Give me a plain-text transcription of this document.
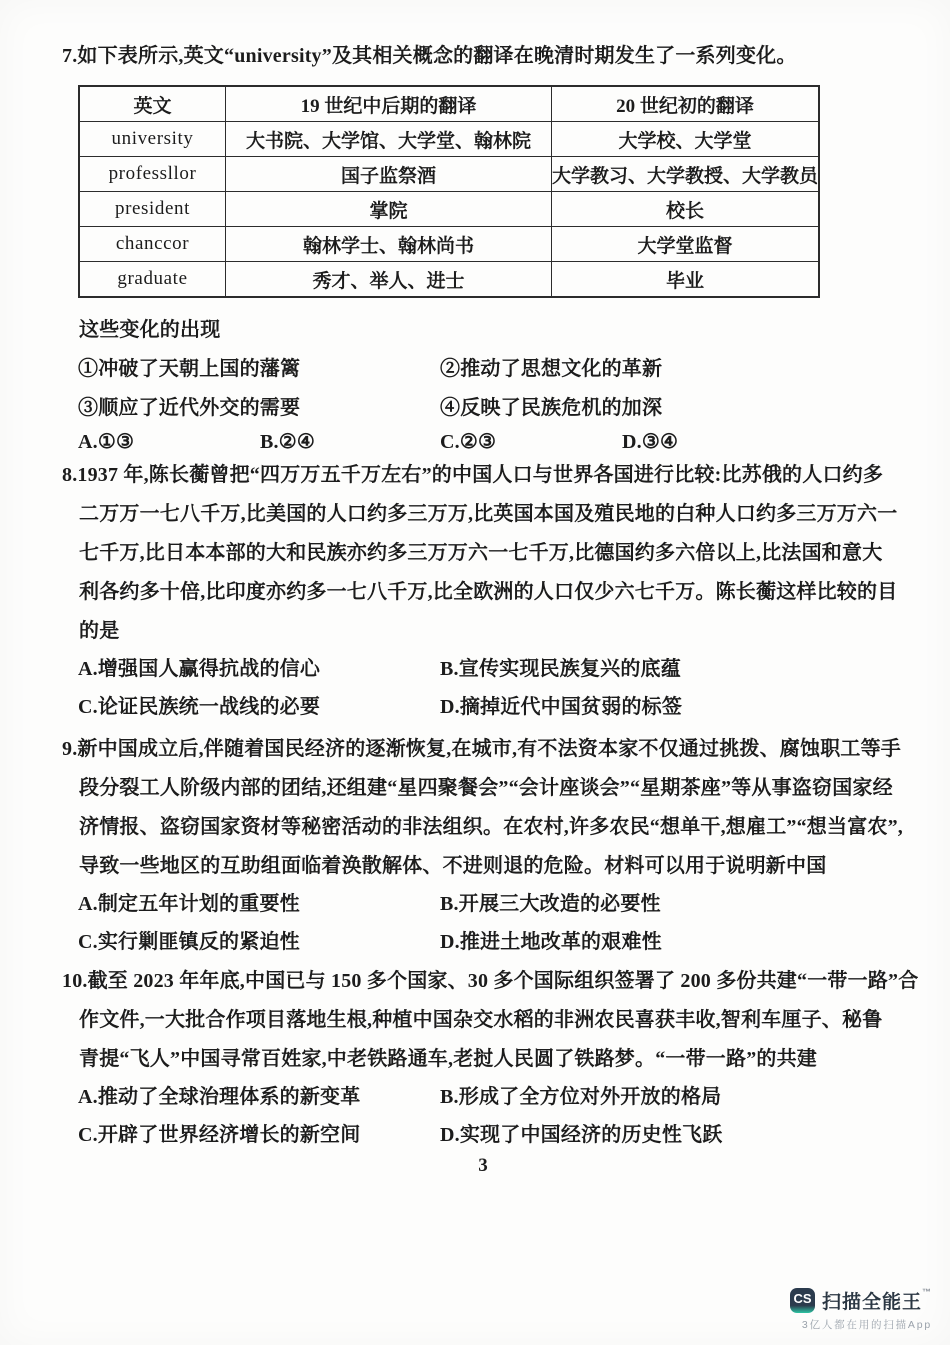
7.如下表所示,英文“university”及其相关概念的翻译在晚清时期发生了一系列变化。

英文	19 世纪中后期的翻译	20 世纪初的翻译
university	大书院、大学馆、大学堂、翰林院	大学校、大学堂
professllor	国子监祭酒	大学教习、大学教授、大学教员
president	掌院	校长
chanccor	翰林学士、翰林尚书	大学堂监督
graduate	秀才、举人、进士	毕业

这些变化的出现

①冲破了天朝上国的藩篱	②推动了思想文化的革新
③顺应了近代外交的需要	④反映了民族危机的加深
A.①③	B.②④	C.②③	D.③④

8.1937 年,陈长蘅曾把“四万万五千万左右”的中国人口与世界各国进行比较:比苏俄的人口约多

二万万一七八千万,比美国的人口约多三万万,比英国本国及殖民地的白种人口约多三万万六一

七千万,比日本本部的大和民族亦约多三万万六一七千万,比德国约多六倍以上,比法国和意大

利各约多十倍,比印度亦约多一七八千万,比全欧洲的人口仅少六七千万。陈长蘅这样比较的目

的是

A.增强国人赢得抗战的信心	B.宣传实现民族复兴的底蕴
C.论证民族统一战线的必要	D.摘掉近代中国贫弱的标签

9.新中国成立后,伴随着国民经济的逐渐恢复,在城市,有不法资本家不仅通过挑拨、腐蚀职工等手

段分裂工人阶级内部的团结,还组建“星四聚餐会”“会计座谈会”“星期茶座”等从事盗窃国家经

济情报、盗窃国家资材等秘密活动的非法组织。在农村,许多农民“想单干,想雇工”“想当富农”,

导致一些地区的互助组面临着涣散解体、不进则退的危险。材料可以用于说明新中国

A.制定五年计划的重要性	B.开展三大改造的必要性
C.实行剿匪镇反的紧迫性	D.推进土地改革的艰难性

10.截至 2023 年年底,中国已与 150 多个国家、30 多个国际组织签署了 200 多份共建“一带一路”合

作文件,一大批合作项目落地生根,种植中国杂交水稻的非洲农民喜获丰收,智利车厘子、秘鲁

青提“飞人”中国寻常百姓家,中老铁路通车,老挝人民圆了铁路梦。“一带一路”的共建

A.推动了全球治理体系的新变革	B.形成了全方位对外开放的格局
C.开辟了世界经济增长的新空间	D.实现了中国经济的历史性飞跃

3

CS 扫描全能王™
3亿人都在用的扫描App
